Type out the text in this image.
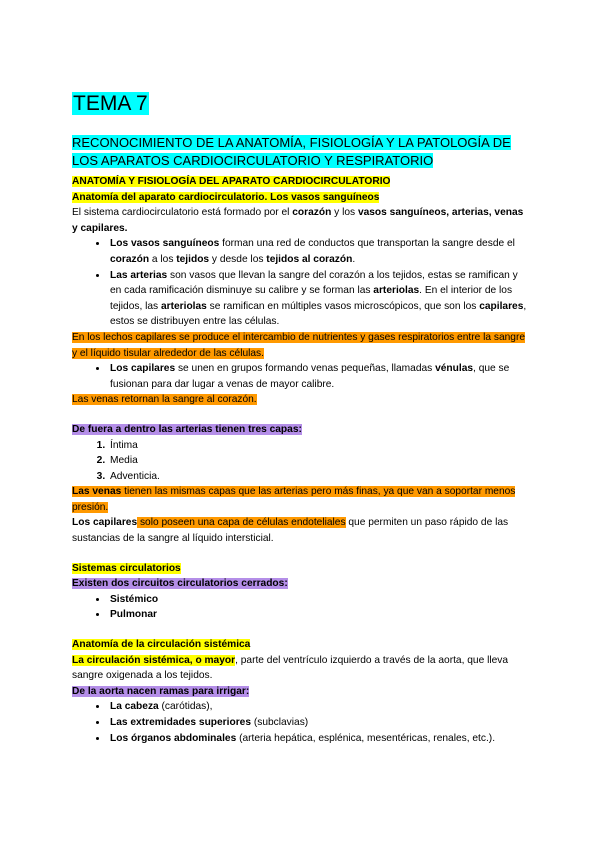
TEMA 7
RECONOCIMIENTO DE LA ANATOMÍA, FISIOLOGÍA Y LA PATOLOGÍA DE LOS APARATOS CARDIOCIRCULATORIO Y RESPIRATORIO

ANATOMÍA Y FISIOLOGÍA DEL APARATO CARDIOCIRCULATORIO

Anatomía del aparato cardiocirculatorio. Los vasos sanguíneos

El sistema cardiocirculatorio está formado por el corazón y los vasos sanguíneos, arterias, venas y capilares.

• Los vasos sanguíneos forman una red de conductos que transportan la sangre desde el corazón a los tejidos y desde los tejidos al corazón.
• Las arterias son vasos que llevan la sangre del corazón a los tejidos, estas se ramifican y en cada ramificación disminuye su calibre y se forman las arteriolas. En el interior de los tejidos, las arteriolas se ramifican en múltiples vasos microscópicos, que son los capilares, estos se distribuyen entre las células.

En los lechos capilares se produce el intercambio de nutrientes y gases respiratorios entre la sangre y el líquido tisular alrededor de las células.

• Los capilares se unen en grupos formando venas pequeñas, llamadas vénulas, que se fusionan para dar lugar a venas de mayor calibre.

Las venas retornan la sangre al corazón.

De fuera a dentro las arterias tienen tres capas:

1. Íntima
2. Media
3. Adventicia.

Las venas tienen las mismas capas que las arterias pero más finas, ya que van a soportar menos presión.

Los capilares solo poseen una capa de células endoteliales que permiten un paso rápido de las sustancias de la sangre al líquido intersticial.

Sistemas circulatorios

Existen dos circuitos circulatorios cerrados:

• Sistémico
• Pulmonar

Anatomía de la circulación sistémica

La circulación sistémica, o mayor, parte del ventrículo izquierdo a través de la aorta, que lleva sangre oxigenada a los tejidos.

De la aorta nacen ramas para irrigar:

• La cabeza (carótidas),
• Las extremidades superiores (subclavias)
• Los órganos abdominales (arteria hepática, esplénica, mesentéricas, renales, etc.).
